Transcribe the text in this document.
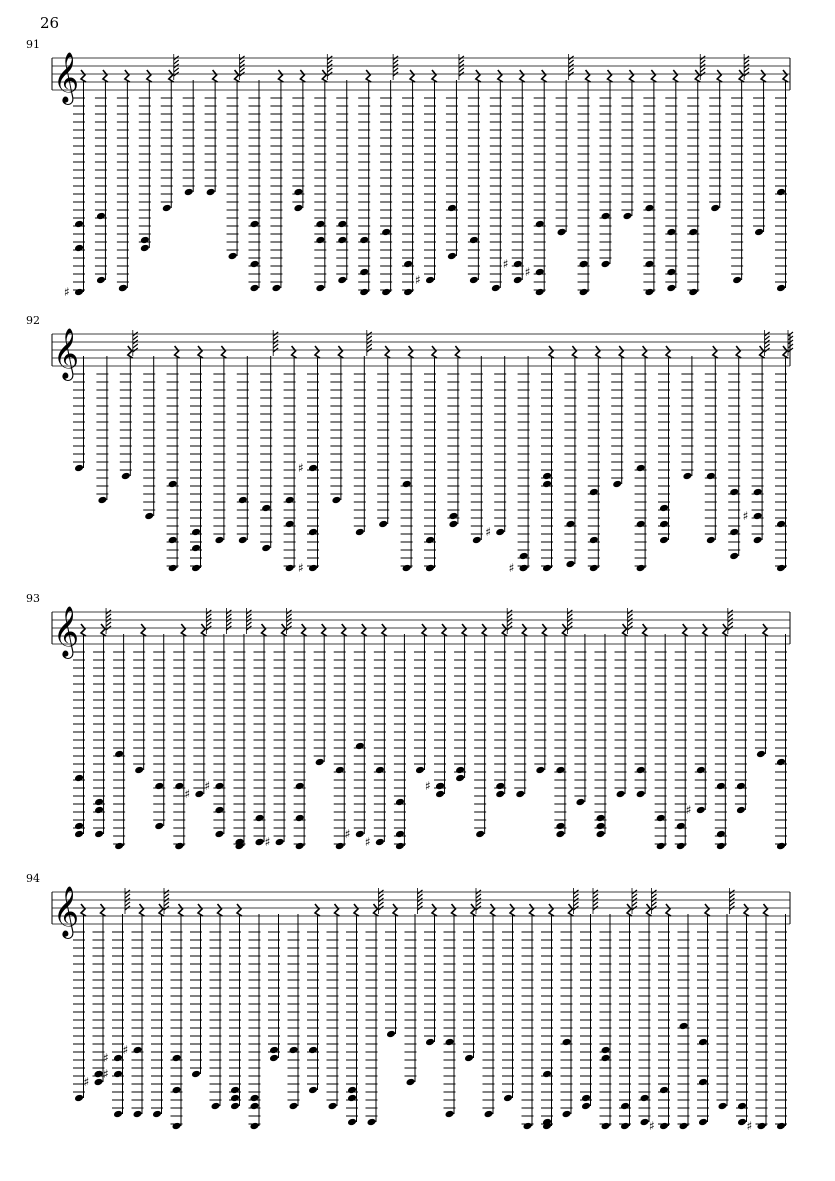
26
91
𝄞
♯
♯
♯
♯
92
𝄞
♯
♯
♯
♯
♯
93
𝄞
♯
♯
♯
♯
♯
♯
♯
94
𝄞
♯
♯
♯
♯
♯	♯
